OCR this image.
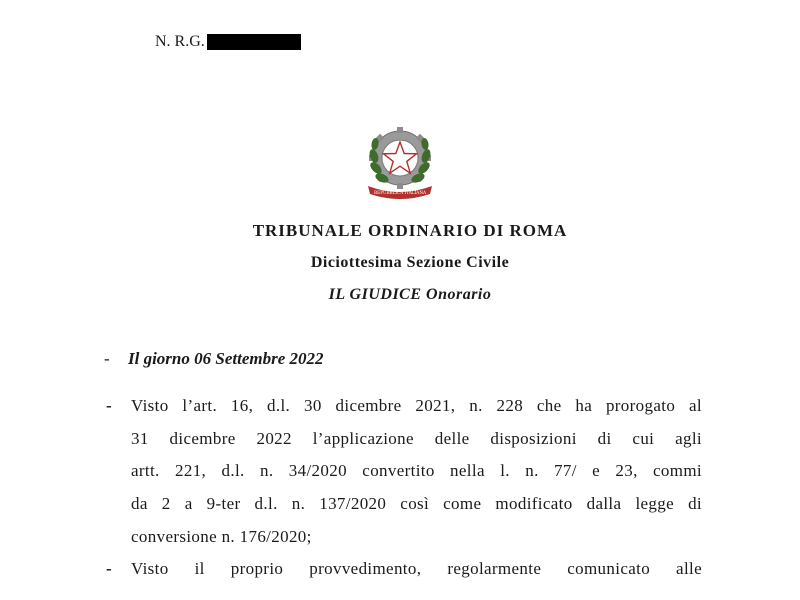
N. R.G.
REPUBBLICA ITALIANA
TRIBUNALE ORDINARIO DI ROMA
Diciottesima Sezione Civile
IL GIUDICE Onorario
-	Il giorno 06 Settembre 2022
- Visto l’art. 16, d.l. 30 dicembre 2021, n. 228 che ha prorogato al
31 dicembre 2022 l’applicazione delle disposizioni di cui agli
artt. 221, d.l. n. 34/2020 convertito nella l. n. 77/ e 23, commi
da 2 a 9-ter d.l. n. 137/2020 così come modificato dalla legge di
conversione n. 176/2020;
- Visto il proprio provvedimento, regolarmente comunicato alle
